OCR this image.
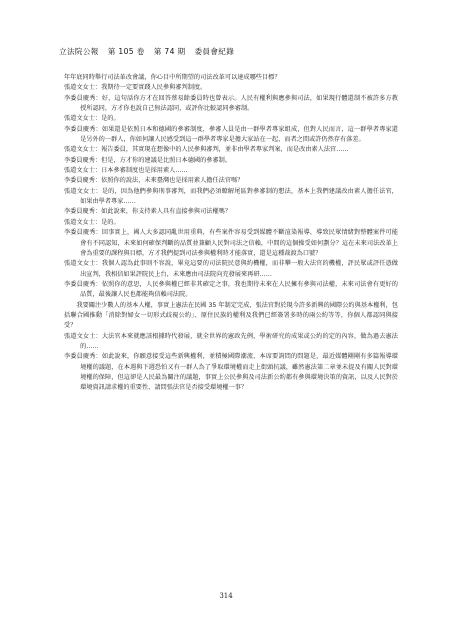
立法院公報 第 105 卷 第 74 期 委員會紀錄

年年底同時舉行司法革改會議，你心目中所期望的司法改革可以達成哪些目標？

張道文女士：我期待一定要實踐人民參與審判制度。

李委員慶秀：好，這句話你方才在回答蔡易餘委員時也曾表示。人民有權利與應參與司法，如果現行體還制不被許多方教授所認同，方才你也說自己無法認同，或評你比較認同參審制。

張道文女士：是的。

李委員慶秀：如果還是依照日本和德國的參審制度，參審人員是由一群學者專家組成，但對人民而言，這一群學者專家還是另外的一群人，你如何讓人民感受到這一群學者專家是擔大家站在一起，而者之間或許仍然存有落差。

張道文女士：報告委員，其實現在想像中的人民參與審判，並非由學者專家判案，而是改由素人法官……

李委員慶秀：但是，方才你的建議是比照日本德國的參審制。

張道文女士：日本參審制度也是採用素人……

李委員慶秀：依照你的說法，未來臺灣也是採用素人擔任法官嗎？

張道文女士：是的，因為他們參與刑事審判，而我們必須瞭解尾區對參審制的想法，基本上我們建議改由素人擔任法官，如果由學者專家……

李委員慶秀：如此說來，你支持素人具有直接參與司法權嗎？

張道文女士：是的。

李委員慶秀：回事實上，國人大多認同亂世用重典，有些案件容易受到媒體不斷渲染報導，導致民眾情緒對整體案件可能會有不同認知，未來如何確保判斷的品質並兼顧人民對司法之信賴，中間的這個操受如何劃分？這在未來司法改革上會為重要的課程與目標，方才我們提到司法參與權利時才能落實，還是這種裁渡為口號？

張道文女士：我個人認為此事則不容說，畢竟這要的司法院民意與約機權，而非攀一般大法官的機權，評民眾或評任憑做出宣判，我相信如果評院民上台，未來應由司法院向充發展來再研……

李委員慶秀：依照你的意思，人民參與權已經非其確定之事，我也期待未來在人民擁有參與司法權，未來司法會有更好的品質，最後讓人民也都能夠信賴司法院。

我要關注少數人的基本人權，事實上憲法在民國 35 年制定完成，張法官對於現今許多新興的國際公約與基本權利，包括聯合國推動「消除對婦女一切形式歧視公約」、原住民族的權利及我們已經簽署多時的兩公約等等，你個人都認同與接受？

張道文女士：大法官本來就應該根據時代發展，就全世界的憲政先例，學術研究的成果或公約的定的內容，做為過去憲法的……

李委員慶秀：如此說來，你願意接受這些新興權利，並積極國際潮流、本席要詢問的問題是，最近媒體剛剛有多篇報導環境權的議題，在本週與下週恐怕又有一群人為了爭取環境權而走上街頭抗議，雖然憲法第二章並未提及有關人民對環境權的保障，但這卻是人民最為關注的議題，事實上公民參與及司法新公約都有參與環境決策的資訊，以及人民對於環境資訊請求權的重要性，請問張法官是否接受環境權一事？

314
